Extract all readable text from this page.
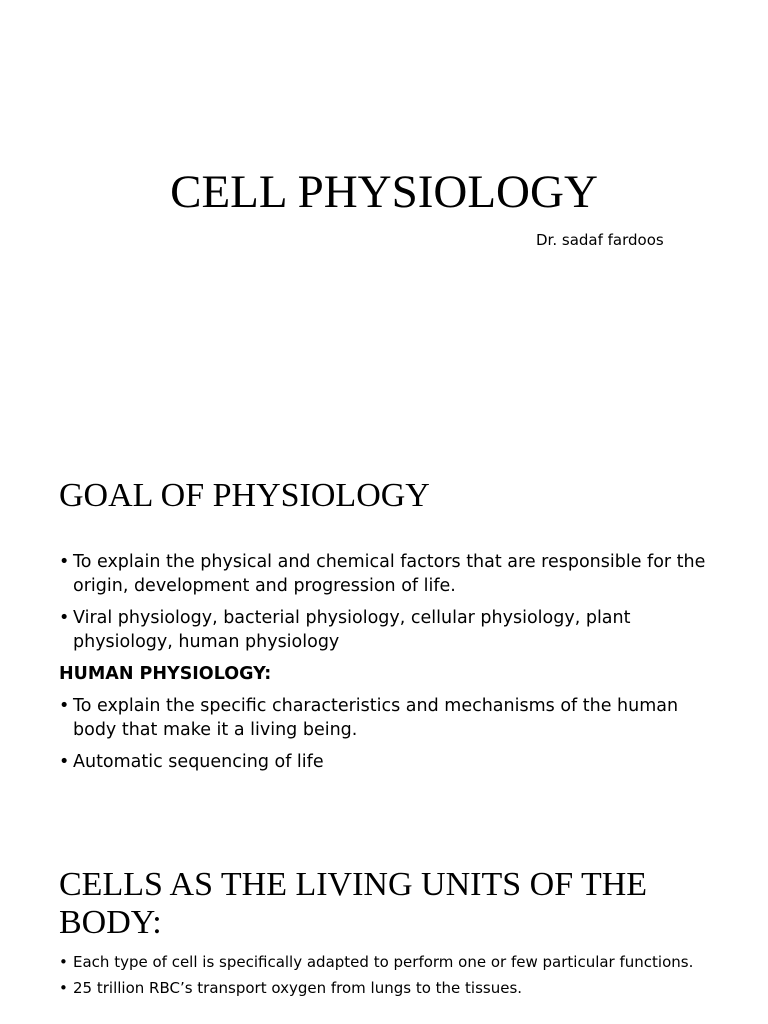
CELL PHYSIOLOGY

Dr. sadaf fardoos

GOAL OF PHYSIOLOGY
• To explain the physical and chemical factors that are responsible for the origin, development and progression of life.
• Viral physiology, bacterial physiology, cellular physiology, plant physiology, human physiology
HUMAN PHYSIOLOGY:
• To explain the specific characteristics and mechanisms of the human body that make it a living being.
• Automatic sequencing of life
CELLS AS THE LIVING UNITS OF THE BODY:
• Each type of cell is specifically adapted to perform one or few particular functions.
• 25 trillion RBC’s transport oxygen from lungs to the tissues.
